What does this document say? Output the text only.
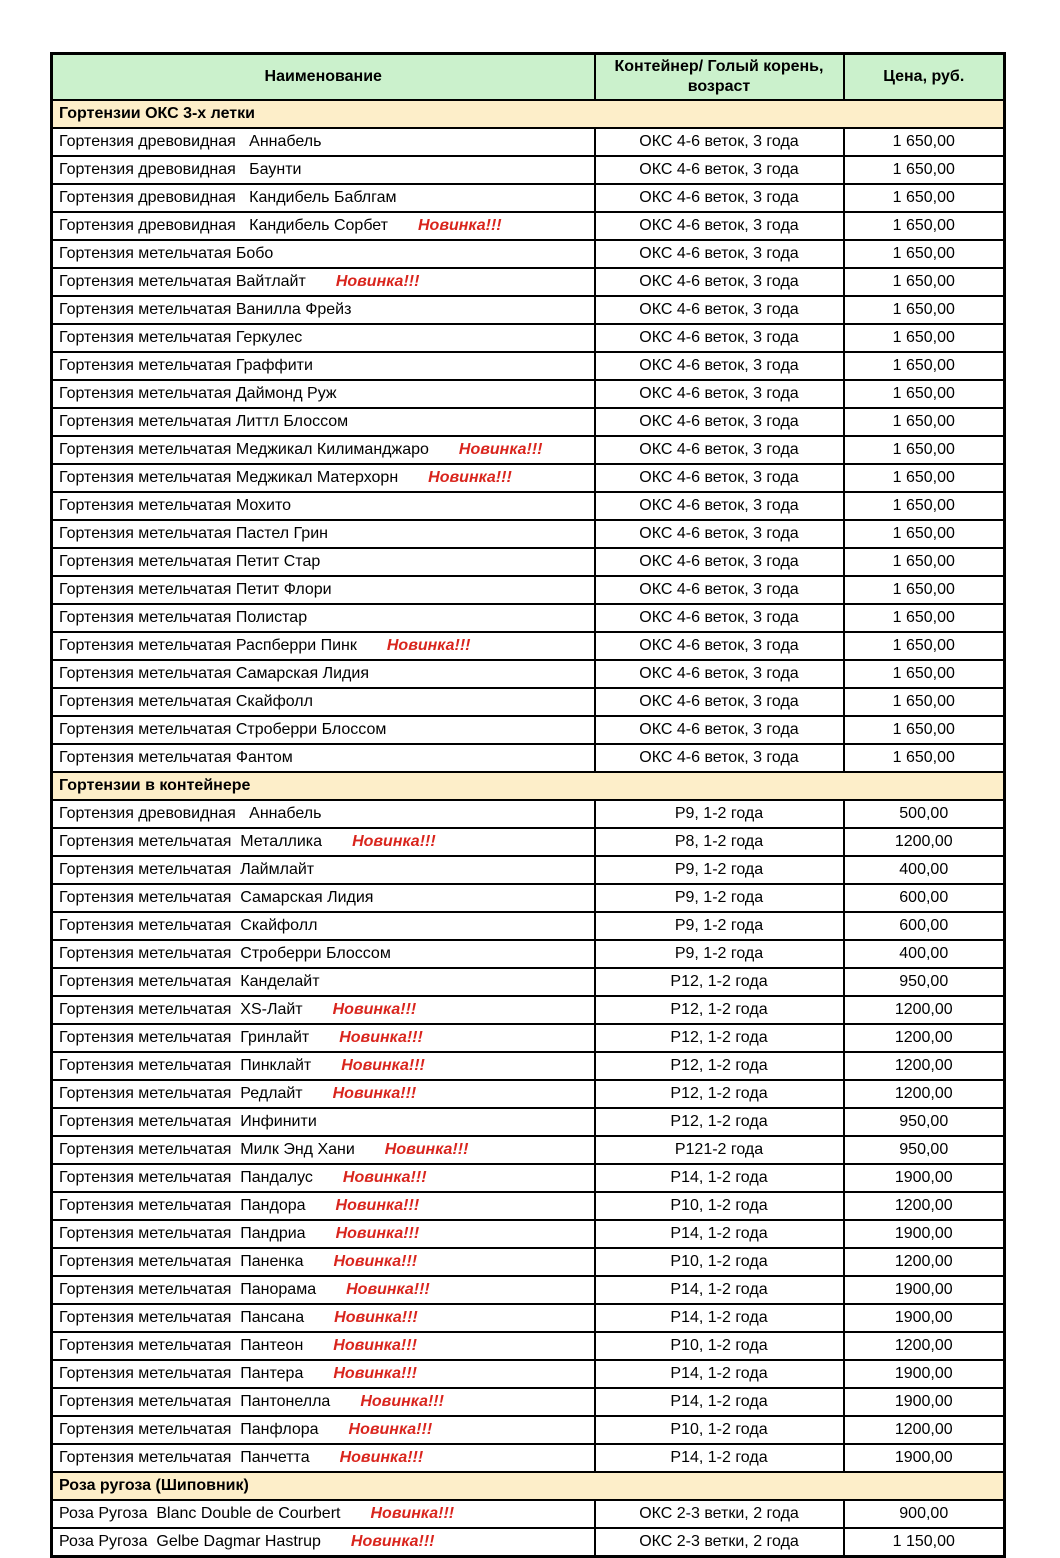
Наименование	Контейнер/ Голый корень, возраст	Цена, руб.
Гортензии ОКС 3-х летки		

Гортензия древовидная   Аннабель	ОКС 4-6 веток, 3 года	1 650,00

Гортензия древовидная   Баунти	ОКС 4-6 веток, 3 года	1 650,00

Гортензия древовидная   Кандибель Баблгам	ОКС 4-6 веток, 3 года	1 650,00

Гортензия древовидная   Кандибель Сорбет Новинка!!!	ОКС 4-6 веток, 3 года	1 650,00

Гортензия метельчатая Бобо	ОКС 4-6 веток, 3 года	1 650,00

Гортензия метельчатая Вайтлайт Новинка!!!	ОКС 4-6 веток, 3 года	1 650,00

Гортензия метельчатая Ванилла Фрейз	ОКС 4-6 веток, 3 года	1 650,00

Гортензия метельчатая Геркулес	ОКС 4-6 веток, 3 года	1 650,00

Гортензия метельчатая Граффити	ОКС 4-6 веток, 3 года	1 650,00

Гортензия метельчатая Даймонд Руж	ОКС 4-6 веток, 3 года	1 650,00

Гортензия метельчатая Литтл Блоссом	ОКС 4-6 веток, 3 года	1 650,00

Гортензия метельчатая Меджикал Килиманджаро Новинка!!!	ОКС 4-6 веток, 3 года	1 650,00

Гортензия метельчатая Меджикал Матерхорн Новинка!!!	ОКС 4-6 веток, 3 года	1 650,00

Гортензия метельчатая Мохито	ОКС 4-6 веток, 3 года	1 650,00

Гортензия метельчатая Пастел Грин	ОКС 4-6 веток, 3 года	1 650,00

Гортензия метельчатая Петит Стар	ОКС 4-6 веток, 3 года	1 650,00

Гортензия метельчатая Петит Флори	ОКС 4-6 веток, 3 года	1 650,00

Гортензия метельчатая Полистар	ОКС 4-6 веток, 3 года	1 650,00

Гортензия метельчатая Распберри Пинк Новинка!!!	ОКС 4-6 веток, 3 года	1 650,00

Гортензия метельчатая Самарская Лидия	ОКС 4-6 веток, 3 года	1 650,00

Гортензия метельчатая Скайфолл	ОКС 4-6 веток, 3 года	1 650,00

Гортензия метельчатая Строберри Блоссом	ОКС 4-6 веток, 3 года	1 650,00

Гортензия метельчатая Фантом	ОКС 4-6 веток, 3 года	1 650,00
Гортензии в контейнере		

Гортензия древовидная   Аннабель	Р9, 1-2 года	500,00

Гортензия метельчатая  Металлика Новинка!!!	Р8, 1-2 года	1200,00

Гортензия метельчатая  Лаймлайт	Р9, 1-2 года	400,00

Гортензия метельчатая  Самарская Лидия	Р9, 1-2 года	600,00

Гортензия метельчатая  Скайфолл	Р9, 1-2 года	600,00

Гортензия метельчатая  Строберри Блоссом	Р9, 1-2 года	400,00

Гортензия метельчатая  Канделайт	Р12, 1-2 года	950,00

Гортензия метельчатая  XS-Лайт Новинка!!!	Р12, 1-2 года	1200,00

Гортензия метельчатая  Гринлайт Новинка!!!	Р12, 1-2 года	1200,00

Гортензия метельчатая  Пинклайт Новинка!!!	Р12, 1-2 года	1200,00

Гортензия метельчатая  Редлайт Новинка!!!	Р12, 1-2 года	1200,00

Гортензия метельчатая  Инфинити	Р12, 1-2 года	950,00

Гортензия метельчатая  Милк Энд Хани Новинка!!!	Р121-2 года	950,00

Гортензия метельчатая  Пандалус Новинка!!!	Р14, 1-2 года	1900,00

Гортензия метельчатая  Пандора Новинка!!!	Р10, 1-2 года	1200,00

Гортензия метельчатая  Пандриа Новинка!!!	Р14, 1-2 года	1900,00

Гортензия метельчатая  Паненка Новинка!!!	Р10, 1-2 года	1200,00

Гортензия метельчатая  Панорама Новинка!!!	Р14, 1-2 года	1900,00

Гортензия метельчатая  Пансана Новинка!!!	Р14, 1-2 года	1900,00

Гортензия метельчатая  Пантеон Новинка!!!	Р10, 1-2 года	1200,00

Гортензия метельчатая  Пантера Новинка!!!	Р14, 1-2 года	1900,00

Гортензия метельчатая  Пантонелла Новинка!!!	Р14, 1-2 года	1900,00

Гортензия метельчатая  Панфлора Новинка!!!	Р10, 1-2 года	1200,00

Гортензия метельчатая  Панчетта Новинка!!!	Р14, 1-2 года	1900,00
Роза ругоза (Шиповник)		

Роза Ругоза  Blanc Double de Courbert Новинка!!!	ОКС 2-3 ветки, 2 года	900,00

Роза Ругоза  Gelbe Dagmar Hastrup Новинка!!!	ОКС 2-3 ветки, 2 года	1 150,00
